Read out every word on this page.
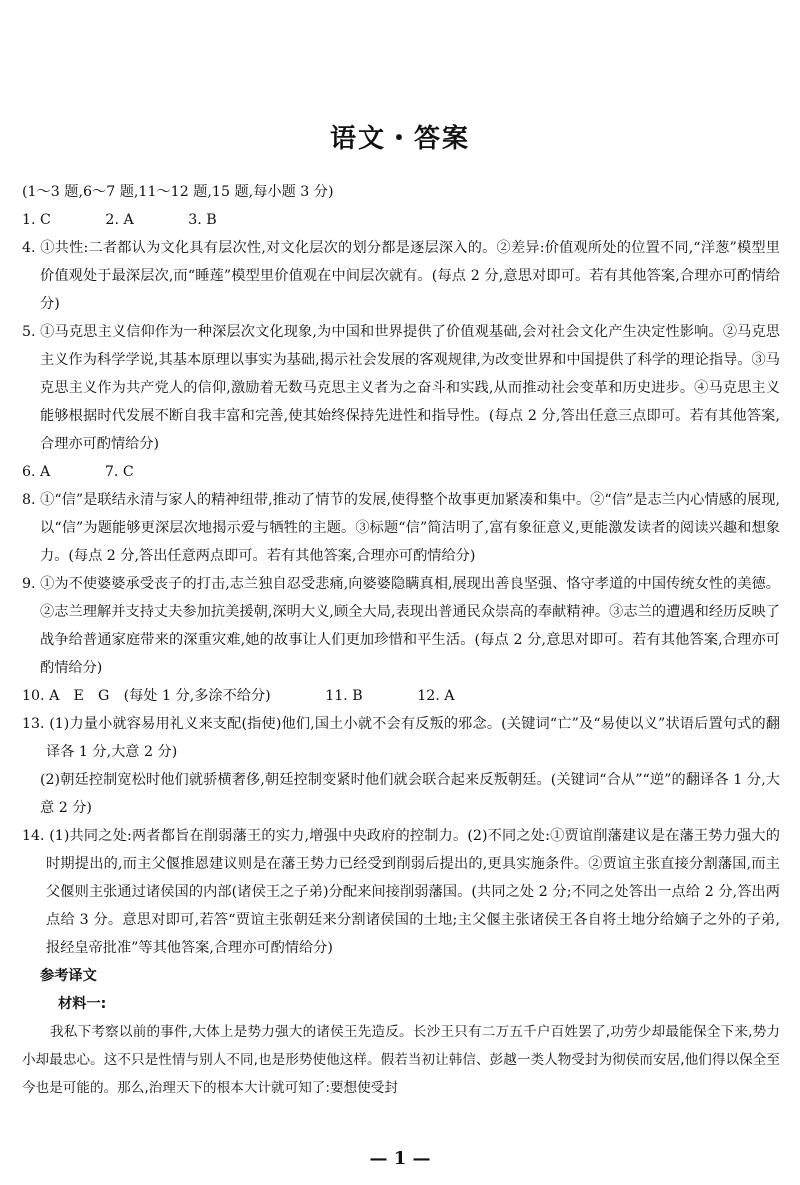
语文・答案

(1～3 题,6～7 题,11～12 题,15 题,每小题 3 分)

1. C	2. A	3. B

4. ①共性:二者都认为文化具有层次性,对文化层次的划分都是逐层深入的。②差异:价值观所处的位置不同,“洋葱”模型里价值观处于最深层次,而“睡莲”模型里价值观在中间层次就有。(每点 2 分,意思对即可。若有其他答案,合理亦可酌情给分)

5. ①马克思主义信仰作为一种深层次文化现象,为中国和世界提供了价值观基础,会对社会文化产生决定性影响。②马克思主义作为科学学说,其基本原理以事实为基础,揭示社会发展的客观规律,为改变世界和中国提供了科学的理论指导。③马克思主义作为共产党人的信仰,激励着无数马克思主义者为之奋斗和实践,从而推动社会变革和历史进步。④马克思主义能够根据时代发展不断自我丰富和完善,使其始终保持先进性和指导性。(每点 2 分,答出任意三点即可。若有其他答案,合理亦可酌情给分)

6. A	7. C

8. ①“信”是联结永清与家人的精神纽带,推动了情节的发展,使得整个故事更加紧凑和集中。②“信”是志兰内心情感的展现,以“信”为题能够更深层次地揭示爱与牺牲的主题。③标题“信”简洁明了,富有象征意义,更能激发读者的阅读兴趣和想象力。(每点 2 分,答出任意两点即可。若有其他答案,合理亦可酌情给分)

9. ①为不使婆婆承受丧子的打击,志兰独自忍受悲痛,向婆婆隐瞒真相,展现出善良坚强、恪守孝道的中国传统女性的美德。②志兰理解并支持丈夫参加抗美援朝,深明大义,顾全大局,表现出普通民众崇高的奉献精神。③志兰的遭遇和经历反映了战争给普通家庭带来的深重灾难,她的故事让人们更加珍惜和平生活。(每点 2 分,意思对即可。若有其他答案,合理亦可酌情给分)

10. A　E　G　(每处 1 分,多涂不给分)	11. B	12. A

13. (1)力量小就容易用礼义来支配(指使)他们,国土小就不会有反叛的邪念。(关键词“亡”及“易使以义”状语后置句式的翻译各 1 分,大意 2 分)

(2)朝廷控制宽松时他们就骄横奢侈,朝廷控制变紧时他们就会联合起来反叛朝廷。(关键词“合从”“逆”的翻译各 1 分,大意 2 分)

14. (1)共同之处:两者都旨在削弱藩王的实力,增强中央政府的控制力。(2)不同之处:①贾谊削藩建议是在藩王势力强大的时期提出的,而主父偃推恩建议则是在藩王势力已经受到削弱后提出的,更具实施条件。②贾谊主张直接分割藩国,而主父偃则主张通过诸侯国的内部(诸侯王之子弟)分配来间接削弱藩国。(共同之处 2 分;不同之处答出一点给 2 分,答出两点给 3 分。意思对即可,若答“贾谊主张朝廷来分割诸侯国的土地;主父偃主张诸侯王各自将土地分给嫡子之外的子弟,报经皇帝批准”等其他答案,合理亦可酌情给分)

参考译文

材料一:

我私下考察以前的事件,大体上是势力强大的诸侯王先造反。长沙王只有二万五千户百姓罢了,功劳少却最能保全下来,势力小却最忠心。这不只是性情与别人不同,也是形势使他这样。假若当初让韩信、彭越一类人物受封为彻侯而安居,他们得以保全至今也是可能的。那么,治理天下的根本大计就可知了:要想使受封

— 1 —
